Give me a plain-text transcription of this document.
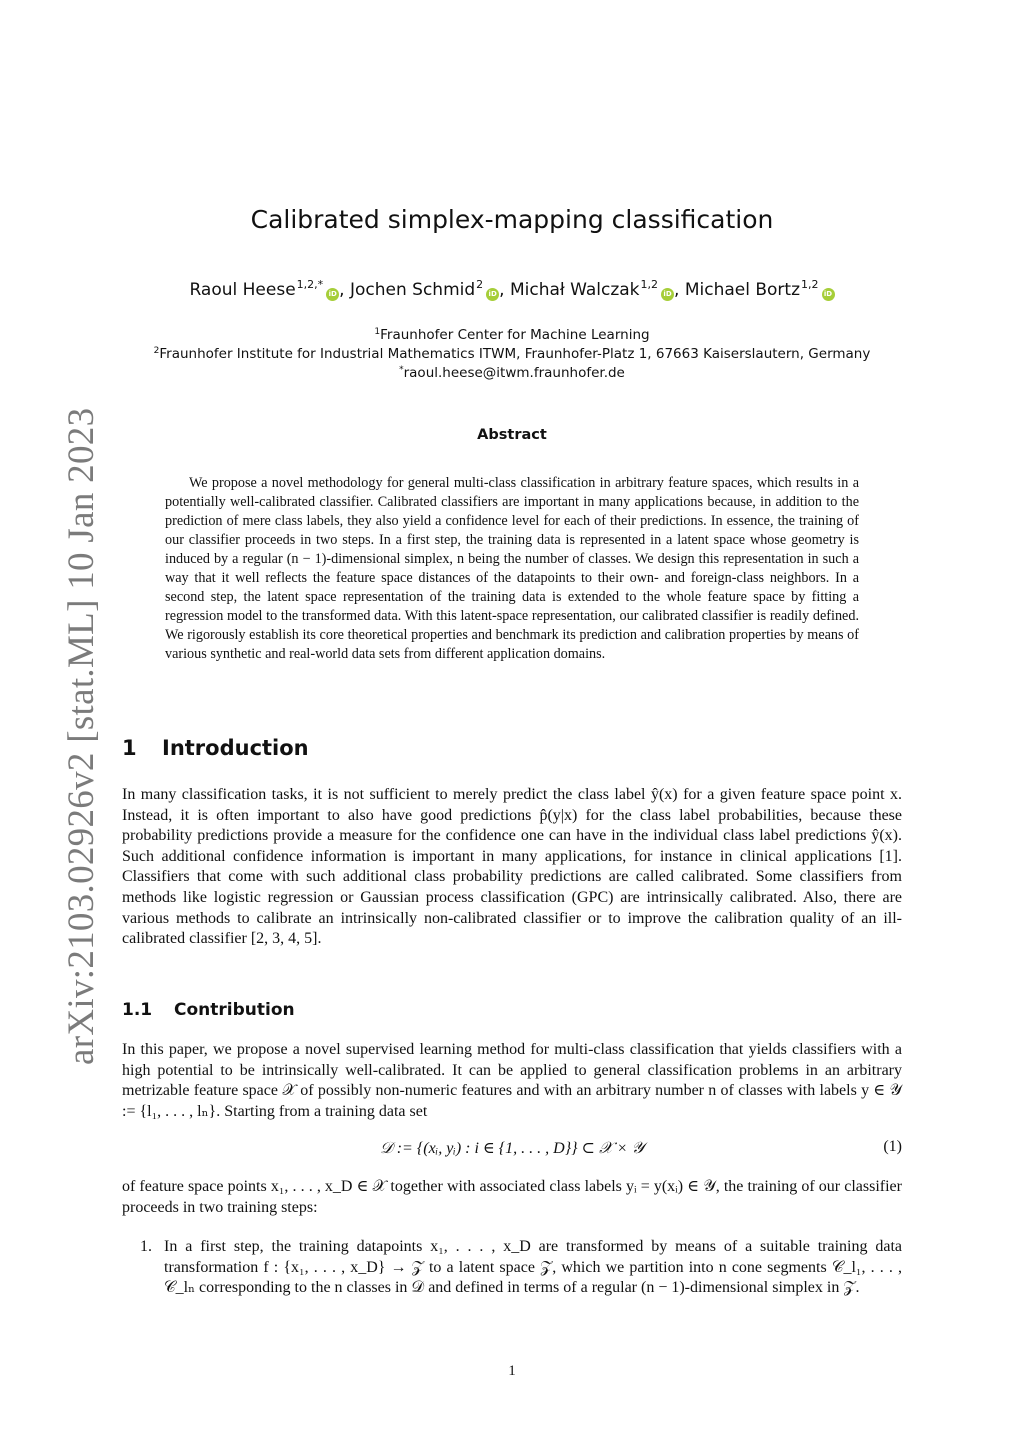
arXiv:2103.02926v2 [stat.ML] 10 Jan 2023
Calibrated simplex-mapping classification
Raoul Heese$^{1,2,*}$iD , Jochen Schmid$^2$iD , Michał Walczak$^{1,2}$iD , Michael Bortz$^{1,2}$iD
$^1$Fraunhofer Center for Machine Learning
$^2$Fraunhofer Institute for Industrial Mathematics ITWM, Fraunhofer-Platz 1, 67663 Kaiserslautern, Germany
*raoul.heese@itwm.fraunhofer.de
Abstract
We propose a novel methodology for general multi-class classification in arbitrary feature spaces, which results in a potentially well-calibrated classifier. Calibrated classifiers are important in many applications because, in addition to the prediction of mere class labels, they also yield a confidence level for each of their predictions. In essence, the training of our classifier proceeds in two steps. In a first step, the training data is represented in a latent space whose geometry is induced by a regular (n − 1)-dimensional simplex, n being the number of classes. We design this representation in such a way that it well reflects the feature space distances of the datapoints to their own- and foreign-class neighbors. In a second step, the latent space representation of the training data is extended to the whole feature space by fitting a regression model to the transformed data. With this latent-space representation, our calibrated classifier is readily defined. We rigorously establish its core theoretical properties and benchmark its prediction and calibration properties by means of various synthetic and real-world data sets from different application domains.
1 Introduction
In many classification tasks, it is not sufficient to merely predict the class label ŷ(x) for a given feature space point x. Instead, it is often important to also have good predictions p̂(y|x) for the class label probabilities, because these probability predictions provide a measure for the confidence one can have in the individual class label predictions ŷ(x). Such additional confidence information is important in many applications, for instance in clinical applications [1]. Classifiers that come with such additional class probability predictions are called calibrated. Some classifiers from methods like logistic regression or Gaussian process classification (GPC) are intrinsically calibrated. Also, there are various methods to calibrate an intrinsically non-calibrated classifier or to improve the calibration quality of an ill-calibrated classifier [2, 3, 4, 5].
1.1 Contribution
In this paper, we propose a novel supervised learning method for multi-class classification that yields classifiers with a high potential to be intrinsically well-calibrated. It can be applied to general classification problems in an arbitrary metrizable feature space 𝒳 of possibly non-numeric features and with an arbitrary number n of classes with labels y ∈ 𝒴 := {l₁, . . . , lₙ}. Starting from a training data set
𝒟 := {(xᵢ, yᵢ) : i ∈ {1, . . . , D}} ⊂ 𝒳 × 𝒴	(1)
of feature space points x₁, . . . , x_D ∈ 𝒳 together with associated class labels yᵢ = y(xᵢ) ∈ 𝒴, the training of our classifier proceeds in two training steps:
1. In a first step, the training datapoints x₁, . . . , x_D are transformed by means of a suitable training data transformation f : {x₁, . . . , x_D} → 𝒵 to a latent space 𝒵, which we partition into n cone segments 𝒞_l₁, . . . , 𝒞_lₙ corresponding to the n classes in 𝒟 and defined in terms of a regular (n − 1)-dimensional simplex in 𝒵.
1
